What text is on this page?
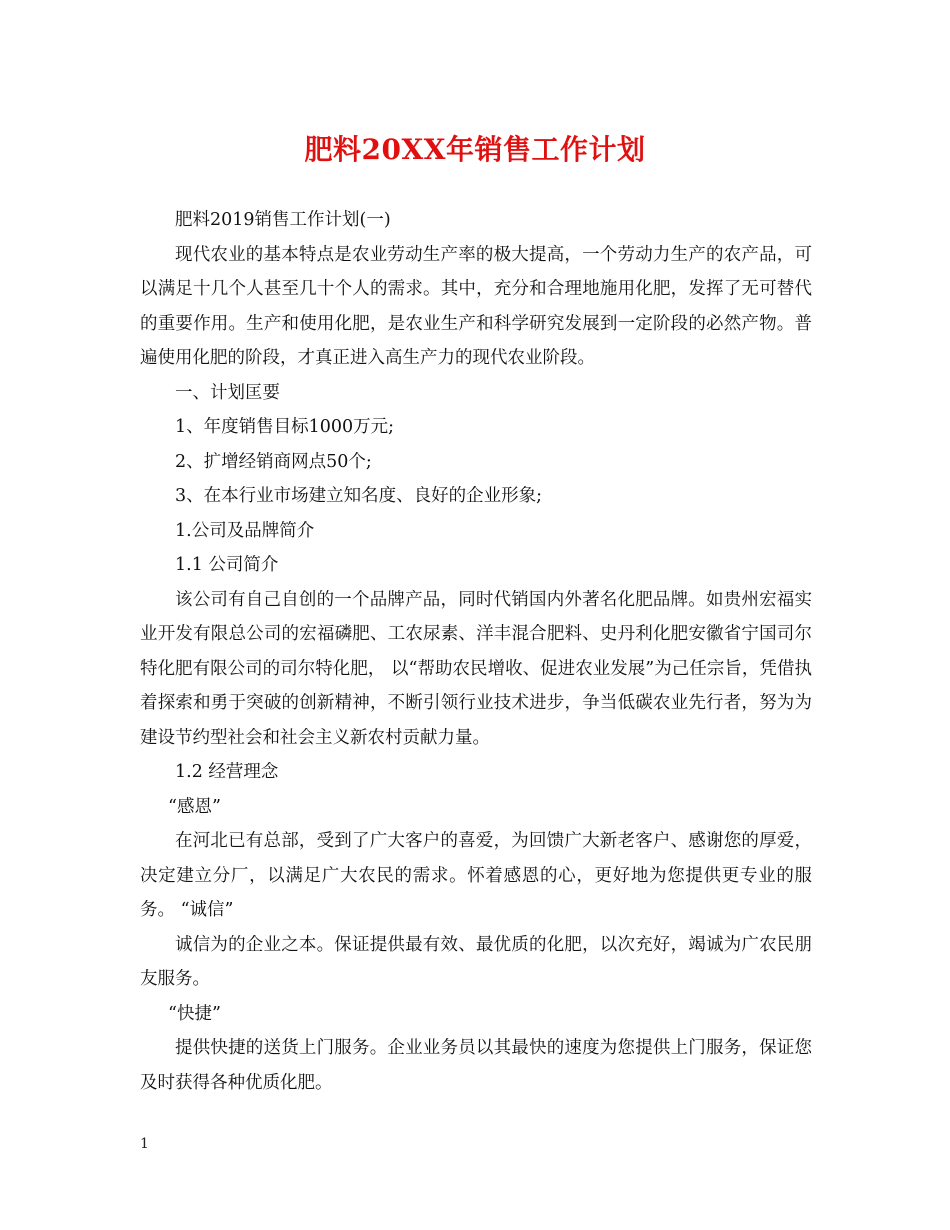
肥料20XX年销售工作计划

肥料2019销售工作计划(一)

现代农业的基本特点是农业劳动生产率的极大提高，一个劳动力生产的农产品，可以满足十几个人甚至几十个人的需求。其中，充分和合理地施用化肥，发挥了无可替代的重要作用。生产和使用化肥，是农业生产和科学研究发展到一定阶段的必然产物。普遍使用化肥的阶段，才真正进入高生产力的现代农业阶段。

一、计划匡要

1、年度销售目标1000万元;

2、扩增经销商网点50个;

3、在本行业市场建立知名度、良好的企业形象;

1.公司及品牌简介

1.1 公司简介

该公司有自己自创的一个品牌产品，同时代销国内外著名化肥品牌。如贵州宏福实业开发有限总公司的宏福磷肥、工农尿素、洋丰混合肥料、史丹利化肥安徽省宁国司尔特化肥有限公司的司尔特化肥， 以“帮助农民增收、促进农业发展”为己任宗旨，凭借执着探索和勇于突破的创新精神，不断引领行业技术进步，争当低碳农业先行者，努为为建设节约型社会和社会主义新农村贡献力量。

1.2 经营理念

“感恩”

在河北已有总部，受到了广大客户的喜爱，为回馈广大新老客户、感谢您的厚爱，决定建立分厂，以满足广大农民的需求。怀着感恩的心，更好地为您提供更专业的服务。 “诚信”

诚信为的企业之本。保证提供最有效、最优质的化肥，以次充好，竭诚为广农民朋友服务。

“快捷”

提供快捷的送货上门服务。企业业务员以其最快的速度为您提供上门服务，保证您及时获得各种优质化肥。

1
